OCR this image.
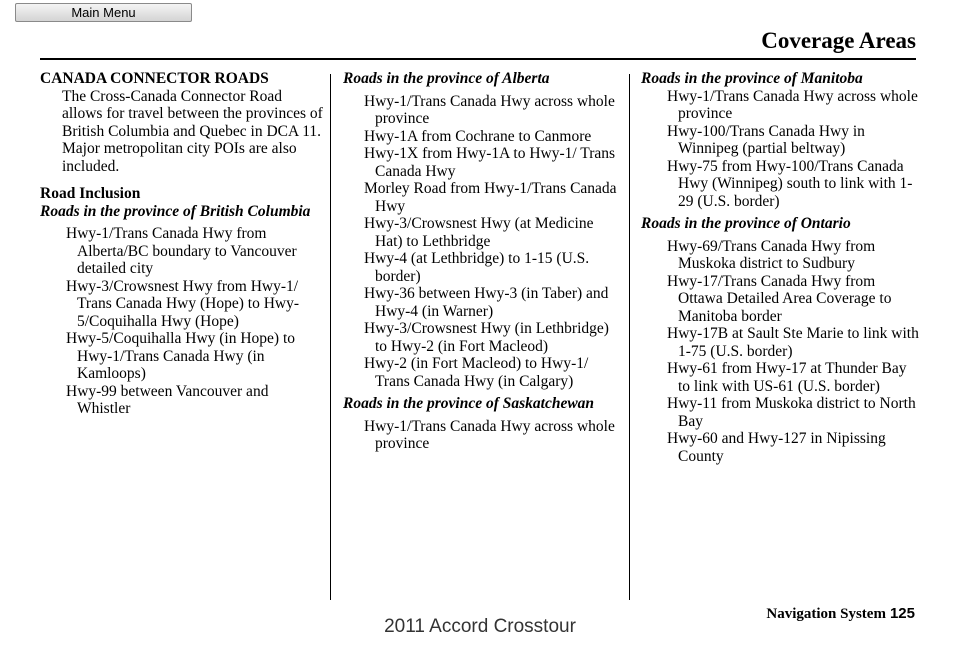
Main Menu
Coverage Areas

CANADA CONNECTOR ROADS

The Cross-Canada Connector Road allows for travel between the provinces of British Columbia and Quebec in DCA 11. Major metropolitan city POIs are also included.

Road Inclusion

Roads in the province of British Columbia

Hwy-1/Trans Canada Hwy from Alberta/BC boundary to Vancouver detailed city

Hwy-3/Crowsnest Hwy from Hwy-1/ Trans Canada Hwy (Hope) to Hwy-5/Coquihalla Hwy (Hope)

Hwy-5/Coquihalla Hwy (in Hope) to Hwy-1/Trans Canada Hwy (in Kamloops)

Hwy-99 between Vancouver and Whistler

Roads in the province of Alberta

Hwy-1/Trans Canada Hwy across whole province

Hwy-1A from Cochrane to Canmore

Hwy-1X from Hwy-1A to Hwy-1/ Trans Canada Hwy

Morley Road from Hwy-1/Trans Canada Hwy

Hwy-3/Crowsnest Hwy (at Medicine Hat) to Lethbridge

Hwy-4 (at Lethbridge) to 1-15 (U.S. border)

Hwy-36 between Hwy-3 (in Taber) and Hwy-4 (in Warner)

Hwy-3/Crowsnest Hwy (in Lethbridge) to Hwy-2 (in Fort Macleod)

Hwy-2 (in Fort Macleod) to Hwy-1/ Trans Canada Hwy (in Calgary)

Roads in the province of Saskatchewan

Hwy-1/Trans Canada Hwy across whole province

Roads in the province of Manitoba

Hwy-1/Trans Canada Hwy across whole province

Hwy-100/Trans Canada Hwy in Winnipeg (partial beltway)

Hwy-75 from Hwy-100/Trans Canada Hwy (Winnipeg) south to link with 1-29 (U.S. border)

Roads in the province of Ontario

Hwy-69/Trans Canada Hwy from Muskoka district to Sudbury

Hwy-17/Trans Canada Hwy from Ottawa Detailed Area Coverage to Manitoba border

Hwy-17B at Sault Ste Marie to link with 1-75 (U.S. border)

Hwy-61 from Hwy-17 at Thunder Bay to link with US-61 (U.S. border)

Hwy-11 from Muskoka district to North Bay

Hwy-60 and Hwy-127 in Nipissing County

Navigation System 125
2011 Accord Crosstour
